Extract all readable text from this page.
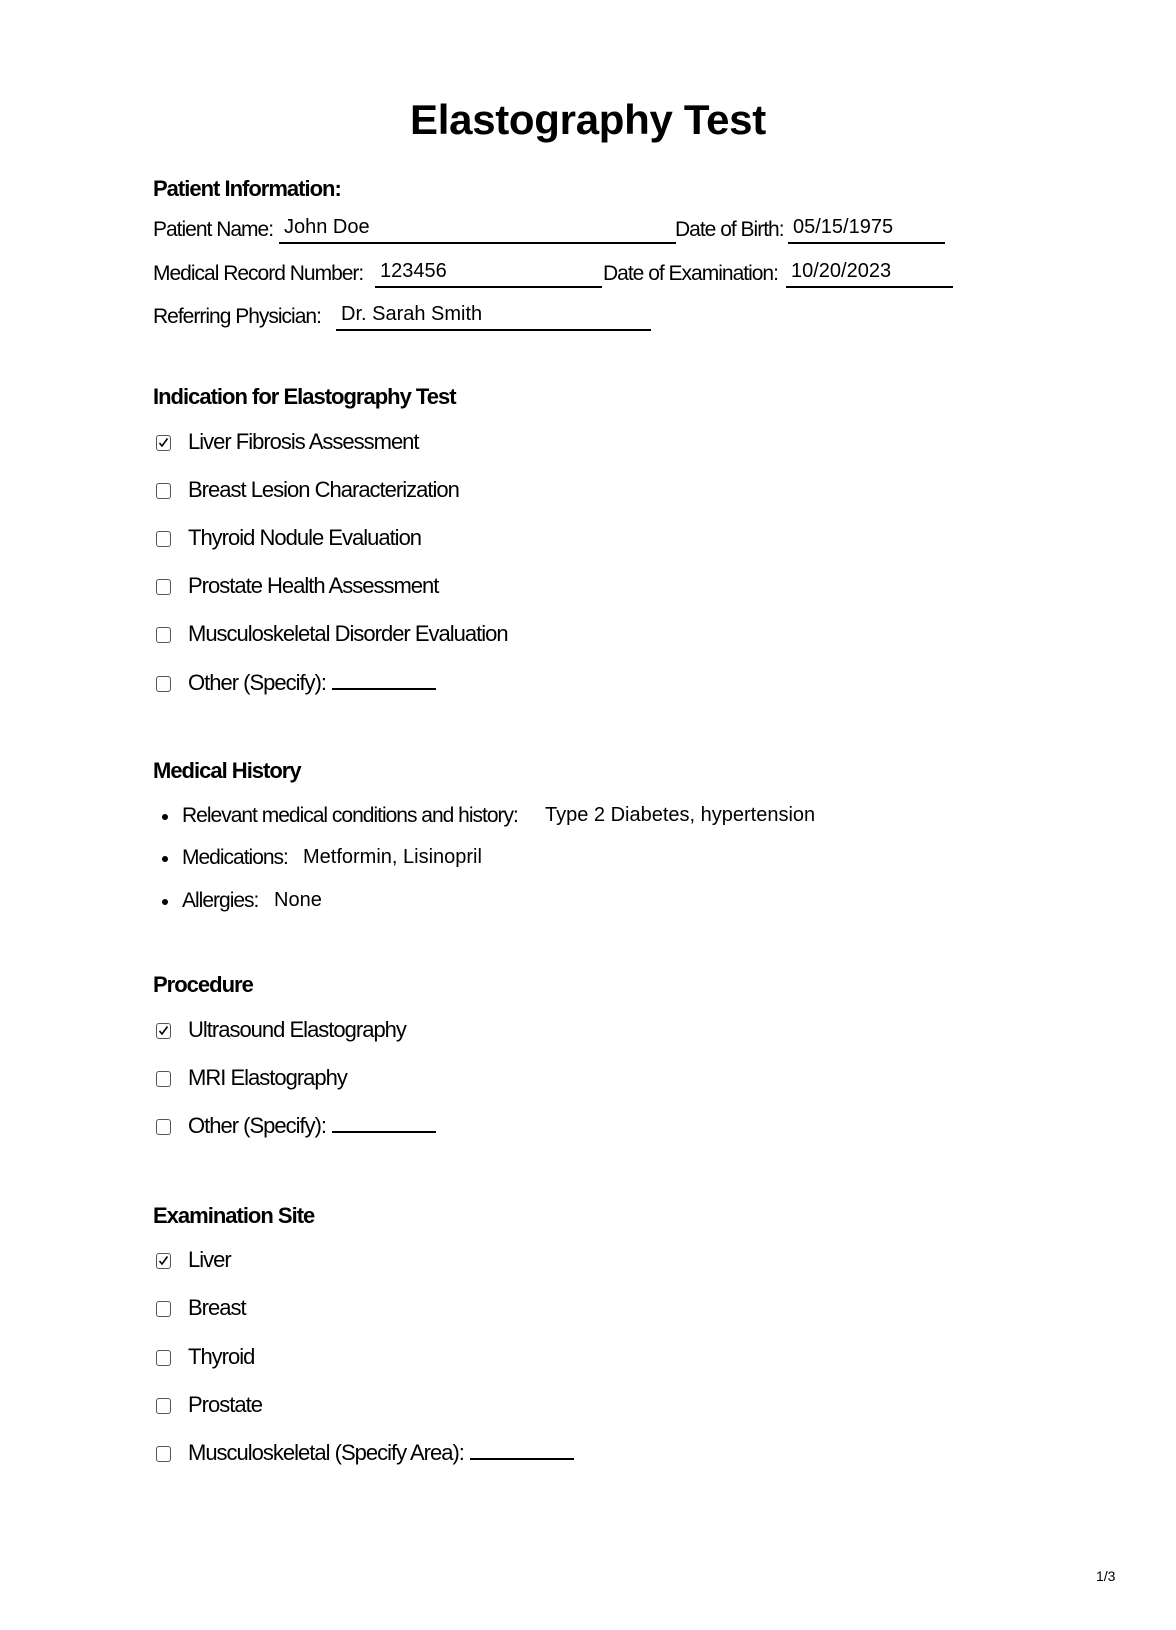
Elastography Test
Patient Information:
Patient Name: John Doe	Date of Birth: 05/15/1975
Medical Record Number: 123456	Date of Examination: 10/20/2023
Referring Physician: Dr. Sarah Smith
Indication for Elastography Test
Liver Fibrosis Assessment
Breast Lesion Characterization
Thyroid Nodule Evaluation
Prostate Health Assessment
Musculoskeletal Disorder Evaluation
Other (Specify):
Medical History
Relevant medical conditions and history: Type 2 Diabetes, hypertension
Medications: Metformin, Lisinopril
Allergies: None
Procedure
Ultrasound Elastography
MRI Elastography
Other (Specify):
Examination Site
Liver
Breast
Thyroid
Prostate
Musculoskeletal (Specify Area):
1/3
